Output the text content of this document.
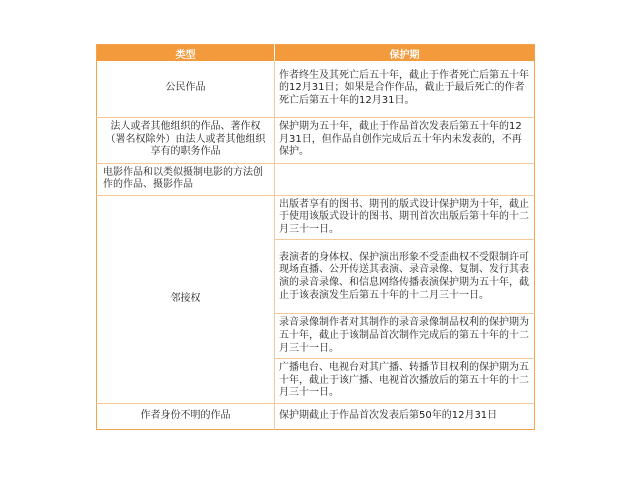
类型	保护期
公民作品	作者终生及其死亡后五十年，截止于作者死亡后第五十年的12月31日；如果是合作作品，截止于最后死亡的作者死亡后第五十年的12月31日。
法人或者其他组织的作品、著作权（署名权除外）由法人或者其他组织享有的职务作品	保护期为五十年，截止于作品首次发表后第五十年的12月31日，但作品自创作完成后五十年内未发表的，不再保护。
电影作品和以类似摄制电影的方法创作的作品、摄影作品	
邻接权	出版者享有的图书、期刊的版式设计保护期为十年，截止于使用该版式设计的图书、期刊首次出版后第十年的十二月三十一日。
	表演者的身体权、保护演出形象不受歪曲权不受限制许可现场直播、公开传送其表演、录音录像、复制、发行其表演的录音录像、和信息网络传播表演保护期为五十年，截止于该表演发生后第五十年的十二月三十一日。
	录音录像制作者对其制作的录音录像制品权利的保护期为五十年，截止于该制品首次制作完成后的第五十年的十二月三十一日。
	广播电台、电视台对其广播、转播节目权利的保护期为五十年，截止于该广播、电视首次播放后的第五十年的十二月三十一日。
作者身份不明的作品	保护期截止于作品首次发表后第50年的12月31日
